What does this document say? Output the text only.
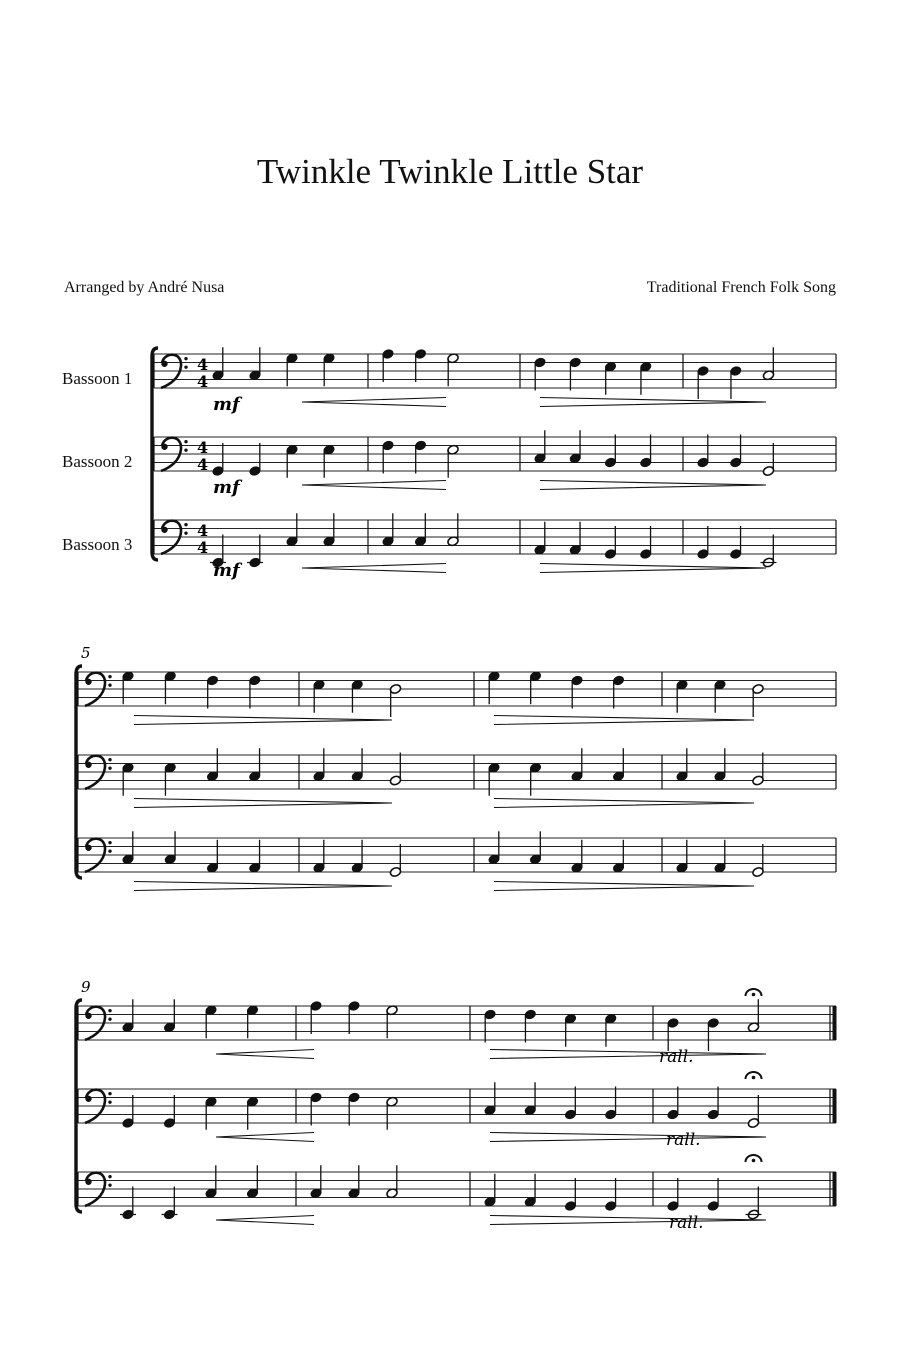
Twinkle Twinkle Little Star
Arranged by André Nusa	Traditional French Folk Song
Bassoon 1
Bassoon 2
Bassoon 3
4
4
mf
4
4
mf
4
4
mf
5
9
rall.
rall.
rall.
